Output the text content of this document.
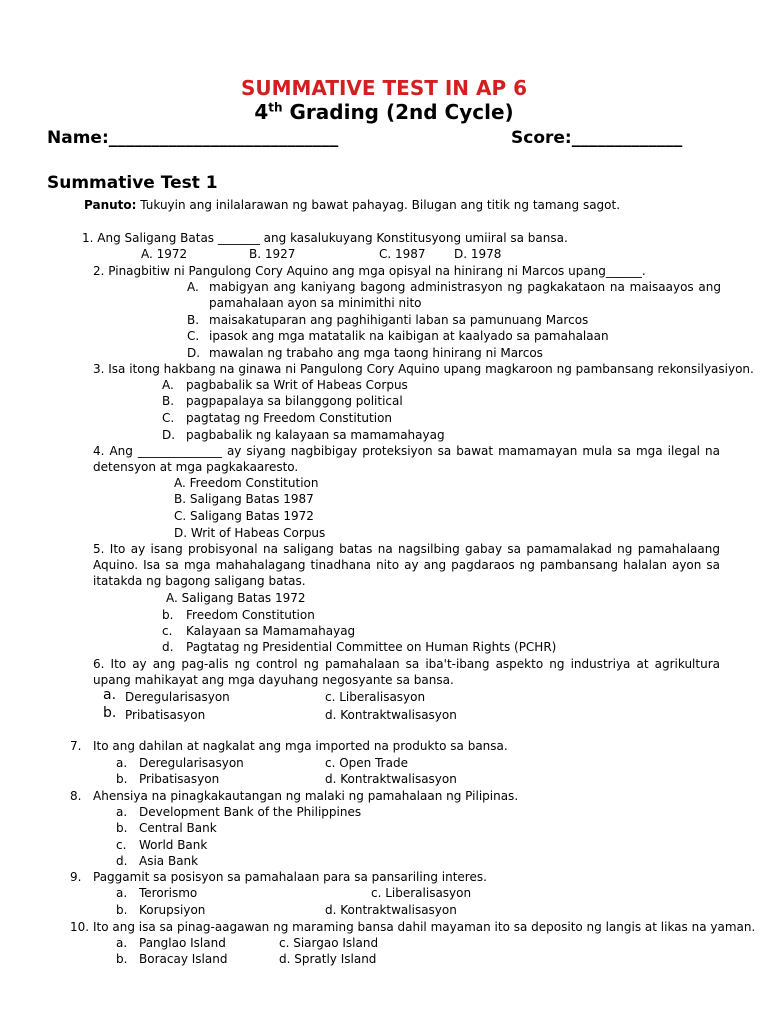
SUMMATIVE TEST IN AP 6
4th Grading (2nd Cycle)
Name:___________________________	Score:_____________
Summative Test 1
Panuto: Tukuyin ang inilalarawan ng bawat pahayag. Bilugan ang titik ng tamang sagot.
1. Ang Saligang Batas _______ ang kasalukuyang Konstitusyong umiiral sa bansa.
A. 1972	B. 1927	C. 1987 D. 1978
2. Pinagbitiw ni Pangulong Cory Aquino ang mga opisyal na hinirang ni Marcos upang______.
A. mabigyan ang kaniyang bagong administrasyon ng pagkakataon na maisaayos ang pamahalaan ayon sa minimithi nito
B. maisakatuparan ang paghihiganti laban sa pamunuang Marcos
C. ipasok ang mga matatalik na kaibigan at kaalyado sa pamahalaan
D. mawalan ng trabaho ang mga taong hinirang ni Marcos
3. Isa itong hakbang na ginawa ni Pangulong Cory Aquino upang magkaroon ng pambansang rekonsilyasiyon.
A. pagbabalik sa Writ of Habeas Corpus
B. pagpapalaya sa bilanggong political
C. pagtatag ng Freedom Constitution
D. pagbabalik ng kalayaan sa mamamahayag
4. Ang ______________ ay siyang nagbibigay proteksiyon sa bawat mamamayan mula sa mga ilegal na detensyon at mga pagkakaaresto.
A. Freedom Constitution
B. Saligang Batas 1987
C. Saligang Batas 1972
D. Writ of Habeas Corpus
5. Ito ay isang probisyonal na saligang batas na nagsilbing gabay sa pamamalakad ng pamahalaang Aquino. Isa sa mga mahahalagang tinadhana nito ay ang pagdaraos ng pambansang halalan ayon sa itatakda ng bagong saligang batas.
A. Saligang Batas 1972
b. Freedom Constitution
c. Kalayaan sa Mamamahayag
d. Pagtatag ng Presidential Committee on Human Rights (PCHR)
6. Ito ay ang pag-alis ng control ng pamahalaan sa iba't-ibang aspekto ng industriya at agrikultura upang mahikayat ang mga dayuhang negosyante sa bansa.
a. Deregularisasyon	c. Liberalisasyon
b. Pribatisasyon	d. Kontraktwalisasyon
7. Ito ang dahilan at nagkalat ang mga imported na produkto sa bansa.
a. Deregularisasyon	c. Open Trade
b. Pribatisasyon	d. Kontraktwalisasyon
8. Ahensiya na pinagkakautangan ng malaki ng pamahalaan ng Pilipinas.
a. Development Bank of the Philippines
b. Central Bank
c. World Bank
d. Asia Bank
9. Paggamit sa posisyon sa pamahalaan para sa pansariling interes.
a. Terorismo	c. Liberalisasyon
b. Korupsiyon	d. Kontraktwalisasyon
10. Ito ang isa sa pinag-aagawan ng maraming bansa dahil mayaman ito sa deposito ng langis at likas na yaman.
a. Panglao Island	c. Siargao Island
b. Boracay Island	d. Spratly Island
